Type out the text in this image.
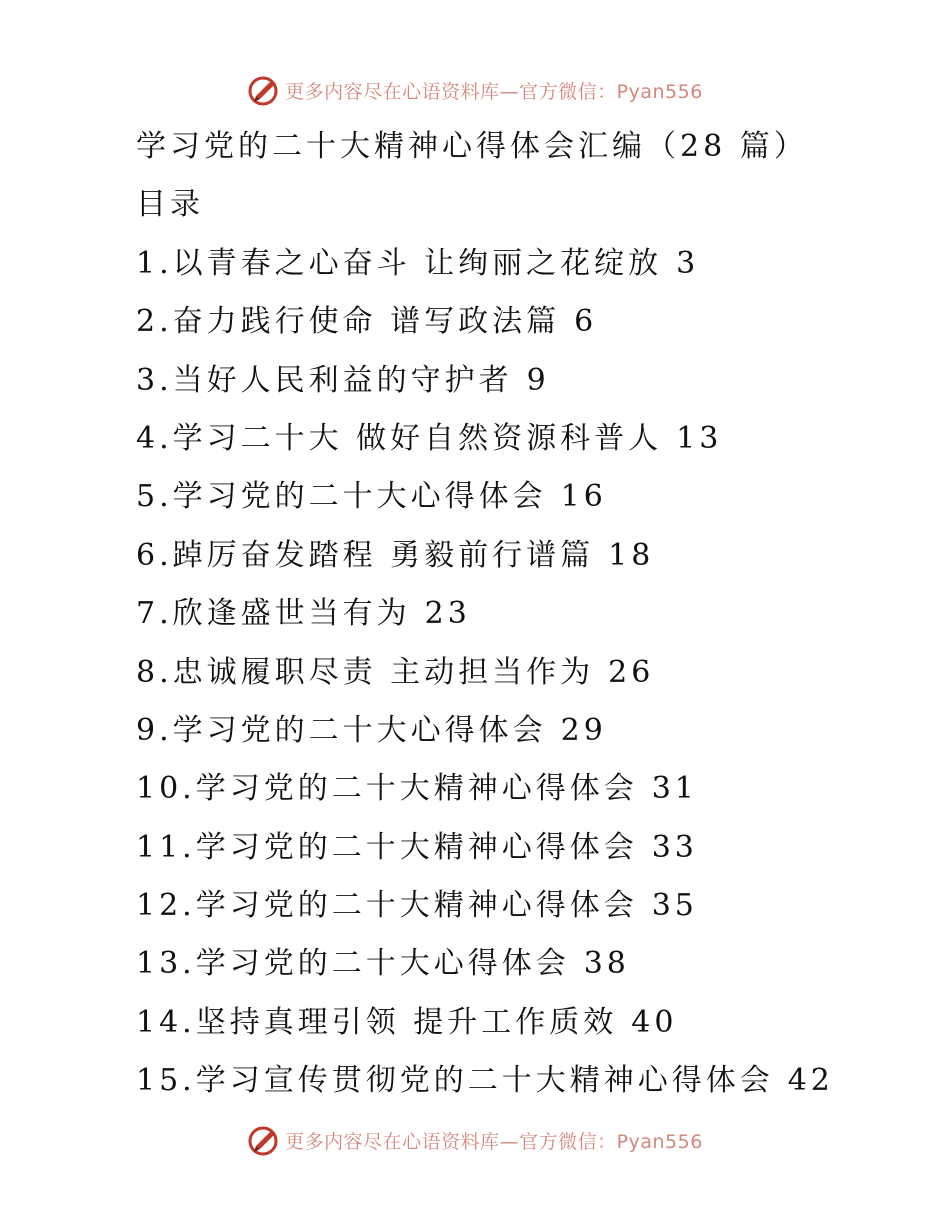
更多内容尽在心语资料库—官方微信：Pyan556
学习党的二十大精神心得体会汇编（28 篇）
目录
1.以青春之心奋斗 让绚丽之花绽放 3
2.奋力践行使命 谱写政法篇 6
3.当好人民利益的守护者 9
4.学习二十大 做好自然资源科普人 13
5.学习党的二十大心得体会 16
6.踔厉奋发踏程 勇毅前行谱篇 18
7.欣逢盛世当有为 23
8.忠诚履职尽责 主动担当作为 26
9.学习党的二十大心得体会 29
10.学习党的二十大精神心得体会 31
11.学习党的二十大精神心得体会 33
12.学习党的二十大精神心得体会 35
13.学习党的二十大心得体会 38
14.坚持真理引领 提升工作质效 40
15.学习宣传贯彻党的二十大精神心得体会 42
更多内容尽在心语资料库—官方微信：Pyan556
